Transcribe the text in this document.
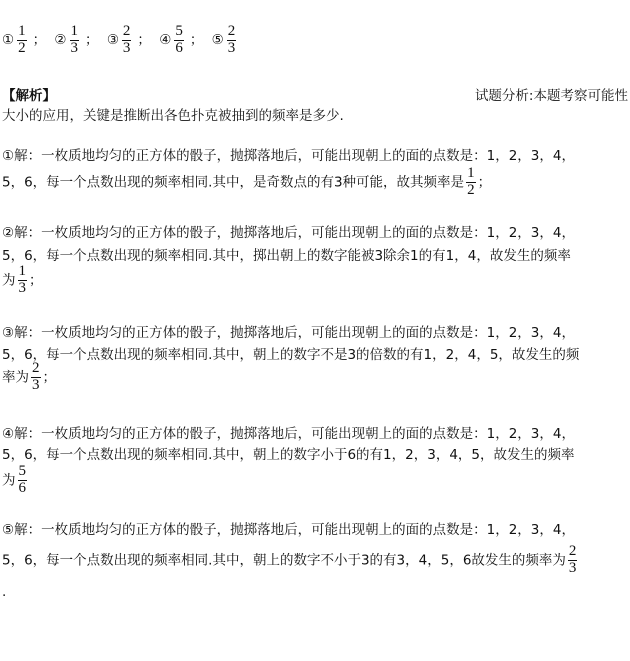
① $\frac{1}{2}$ ； ② $\frac{1}{3}$ ； ③ $\frac{2}{3}$ ； ④ $\frac{5}{6}$ ； ⑤ $\frac{2}{3}$
【解析】	试题分析:本题考察可能性
大小的应用，关键是推断出各色扑克被抽到的频率是多少.
①解：一枚质地均匀的正方体的骰子，抛掷落地后，可能出现朝上的面的点数是：1，2，3，4，
5，6，每一个点数出现的频率相同.其中，是奇数点的有3种可能，故其频率是 $\frac{1}{2}$ ；
②解：一枚质地均匀的正方体的骰子，抛掷落地后，可能出现朝上的面的点数是：1，2，3，4，
5，6，每一个点数出现的频率相同.其中，掷出朝上的数字能被3除余1的有1，4，故发生的频率
为 $\frac{1}{3}$ ；
③解：一枚质地均匀的正方体的骰子，抛掷落地后，可能出现朝上的面的点数是：1，2，3，4，
5，6，每一个点数出现的频率相同.其中，朝上的数字不是3的倍数的有1，2，4，5，故发生的频
率为 $\frac{2}{3}$ ；
④解：一枚质地均匀的正方体的骰子，抛掷落地后，可能出现朝上的面的点数是：1，2，3，4，
5，6，每一个点数出现的频率相同.其中，朝上的数字小于6的有1，2，3，4，5，故发生的频率
为 $\frac{5}{6}$
⑤解：一枚质地均匀的正方体的骰子，抛掷落地后，可能出现朝上的面的点数是：1，2，3，4，
5，6，每一个点数出现的频率相同.其中，朝上的数字不小于3的有3，4，5，6故发生的频率为 $\frac{2}{3}$
.
